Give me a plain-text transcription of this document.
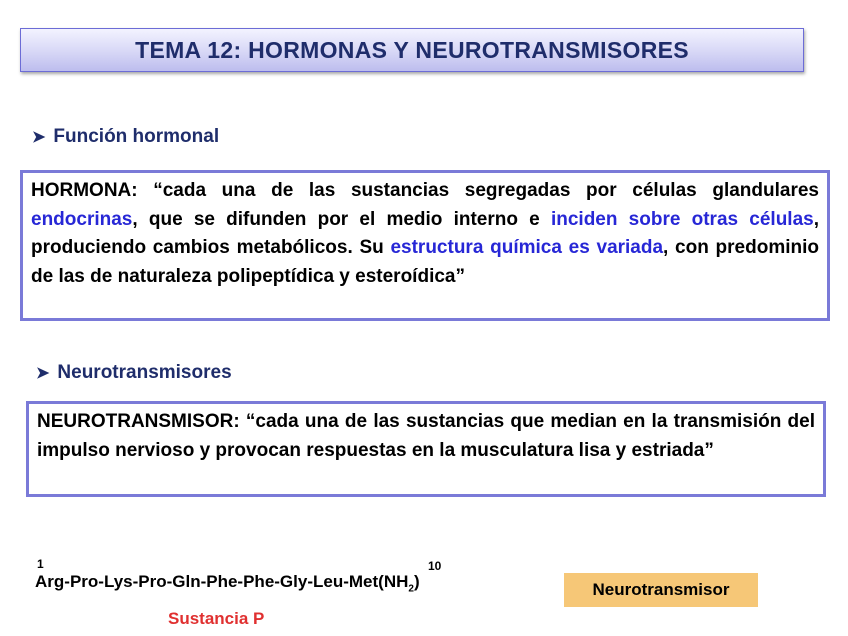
TEMA 12: HORMONAS Y NEUROTRANSMISORES
➤ Función hormonal
HORMONA: “cada una de las sustancias segregadas por células glandulares endocrinas, que se difunden por el medio interno e inciden sobre otras células, produciendo cambios metabólicos. Su estructura química es variada, con predominio de las de naturaleza polipeptídica y esteroídica”
➤ Neurotransmisores
NEUROTRANSMISOR: “cada una de las sustancias que median en la transmisión del impulso nervioso y provocan respuestas en la musculatura lisa y estriada”
1	10
Arg-$Pro-Lys-Pro-Gln-Phe-Phe-Gly-Leu-Met(NH_2)$	Neurotransmisor
Sustancia P
